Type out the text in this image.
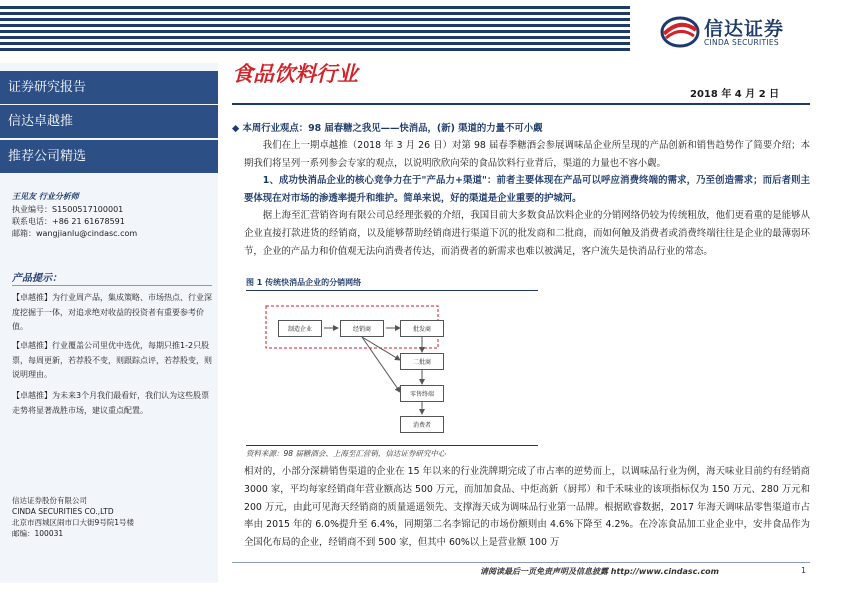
信达证券
CINDA SECURITIES
证券研究报告
信达卓越推
推荐公司精选
王见友 行业分析师
执业编号：S1500517100001
联系电话：+86 21 61678591
邮箱：wangjianlu@cindasc.com
产品提示：
【卓越推】为行业周产品，集成策略、市场热点、行业深度挖掘于一体，对追求绝对收益的投资者有重要参考价值。
【卓越推】行业覆盖公司里优中选优，每期只推1-2只股票，每周更新，若荐股不变，则跟踪点评，若荐股变，则说明理由。
【卓越推】为未来3个月我们最看好，我们认为这些股票走势将显著战胜市场，建议重点配置。
信达证券股份有限公司
CINDA SECURITIES CO.,LTD
北京市西城区闹市口大街9号院1号楼
邮编：100031
食品饮料行业
2018 年 4 月 2 日
◆ 本周行业观点：98 届春糖之我见——快消品，(新) 渠道的力量不可小觑
我们在上一期卓越推（2018 年 3 月 26 日）对第 98 届春季糖酒会参展调味品企业所呈现的产品创新和销售趋势作了简要介绍；本期我们将呈列一系列参会专家的观点，以说明欣欣向荣的食品饮料行业背后，渠道的力量也不容小觑。
1、成功快消品企业的核心竞争力在于"产品力+渠道"：前者主要体现在产品可以呼应消费终端的需求，乃至创造需求；而后者则主要体现在对市场的渗透率提升和维护。简单来说，好的渠道是企业重要的护城河。
据上海至汇营销咨询有限公司总经理张毅的介绍，我国目前大多数食品饮料企业的分销网络仍较为传统粗放，他们更看重的是能够从企业直接打款进货的经销商，以及能够帮助经销商进行渠道下沉的批发商和二批商，而如何触及消费者或消费终端往往是企业的最薄弱环节，企业的产品力和价值观无法向消费者传达，而消费者的新需求也难以被满足，客户流失是快消品行业的常态。
图 1 传统快消品企业的分销网络
制造企业	经销商	批发商
二批商
零售终端
消费者
资料来源：98 届糖酒会、上海至汇营销，信达证券研究中心
相对的，小部分深耕销售渠道的企业在 15 年以来的行业洗牌期完成了市占率的逆势而上，以调味品行业为例，海天味业目前约有经销商 3000 家，平均每家经销商年营业额高达 500 万元，而加加食品、中炬高新（厨邦）和千禾味业的该项指标仅为 150 万元、280 万元和 200 万元，由此可见海天经销商的质量遥遥领先、支撑海天成为调味品行业第一品牌。根据欧睿数据，2017 年海天调味品零售渠道市占率由 2015 年的 6.0%提升至 6.4%，同期第二名李锦记的市场份额则由 4.6%下降至 4.2%。在冷冻食品加工业企业中，安井食品作为全国化布局的企业，经销商不到 500 家，但其中 60%以上是营业额 100 万
请阅读最后一页免责声明及信息披露 http://www.cindasc.com	1
